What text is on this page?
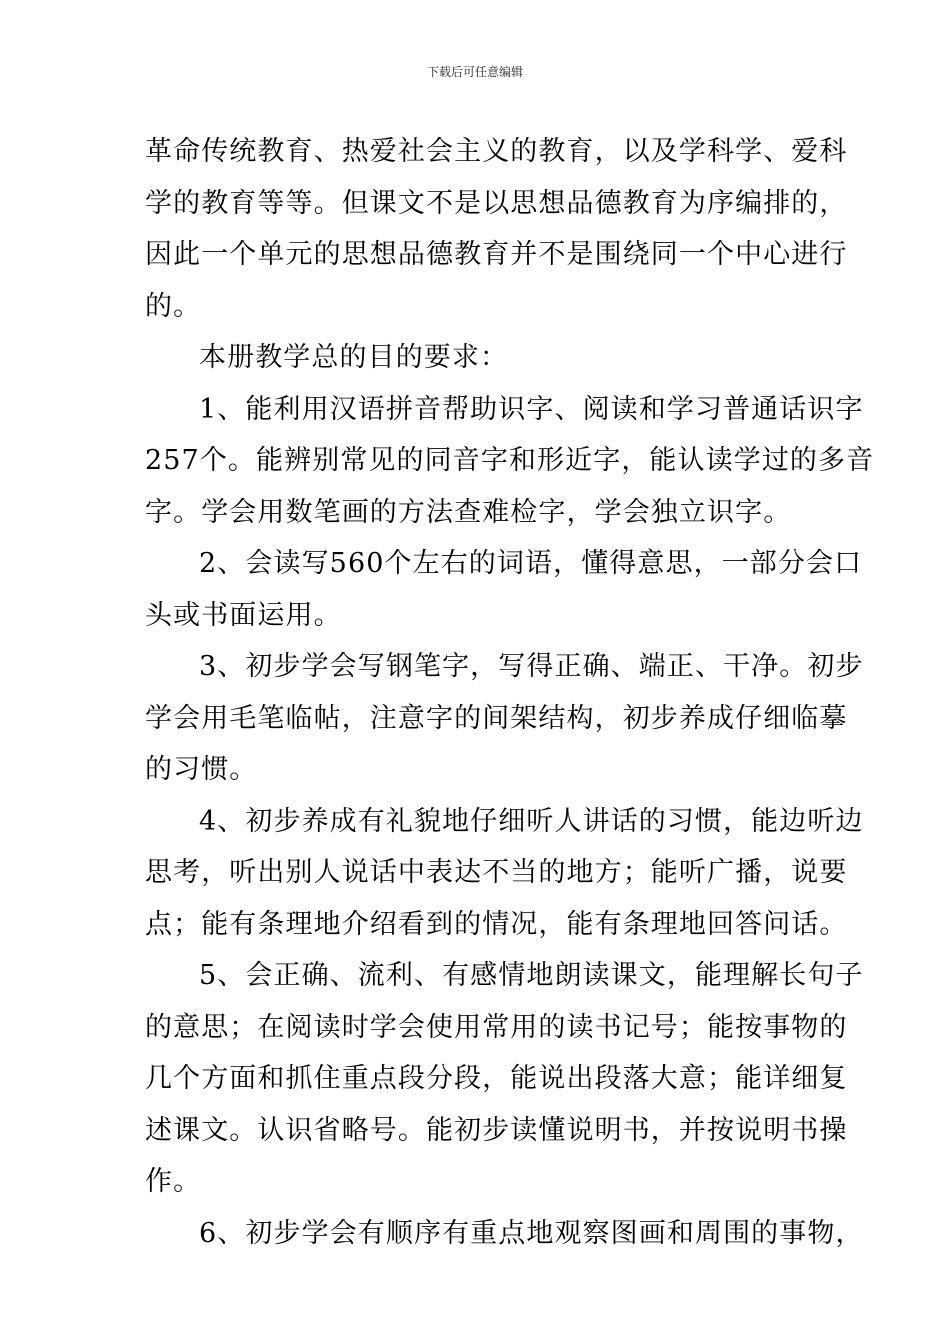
下载后可任意编辑
革命传统教育、热爱社会主义的教育，以及学科学、爱科
学的教育等等。但课文不是以思想品德教育为序编排的，
因此一个单元的思想品德教育并不是围绕同一个中心进行
的。
本册教学总的目的要求：
1、能利用汉语拼音帮助识字、阅读和学习普通话识字
257个。能辨别常见的同音字和形近字，能认读学过的多音
字。学会用数笔画的方法查难检字，学会独立识字。
2、会读写560个左右的词语，懂得意思，一部分会口
头或书面运用。
3、初步学会写钢笔字，写得正确、端正、干净。初步
学会用毛笔临帖，注意字的间架结构，初步养成仔细临摹
的习惯。
4、初步养成有礼貌地仔细听人讲话的习惯，能边听边
思考，听出别人说话中表达不当的地方；能听广播，说要
点；能有条理地介绍看到的情况，能有条理地回答问话。
5、会正确、流利、有感情地朗读课文，能理解长句子
的意思；在阅读时学会使用常用的读书记号；能按事物的
几个方面和抓住重点段分段，能说出段落大意；能详细复
述课文。认识省略号。能初步读懂说明书，并按说明书操
作。
6、初步学会有顺序有重点地观察图画和周围的事物，
